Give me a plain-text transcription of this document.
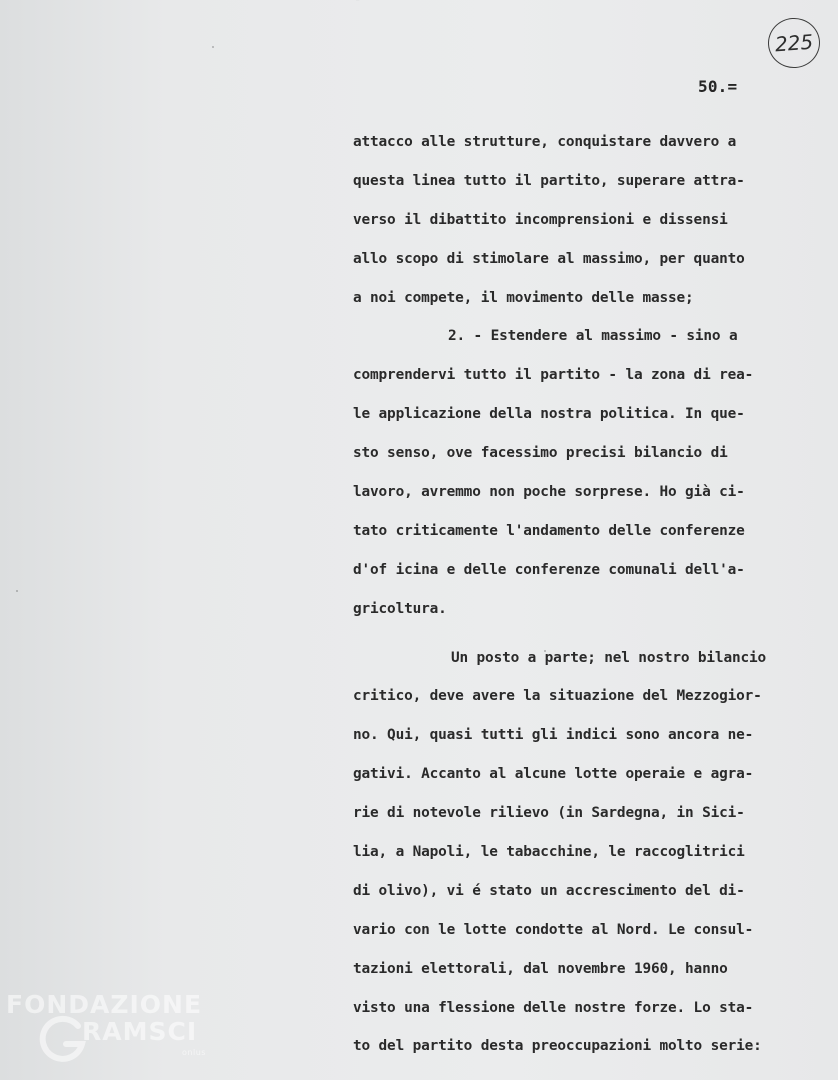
225
50.=
attacco alle strutture, conquistare davvero a
questa linea tutto il partito, superare attra-
verso il dibattito incomprensioni e dissensi
allo scopo di stimolare al massimo, per quanto
a noi compete, il movimento delle masse;
2. - Estendere al massimo - sino a
comprendervi tutto il partito - la zona di rea-
le applicazione della nostra politica. In que-
sto senso, ove facessimo precisi bilancio di
lavoro, avremmo non poche sorprese. Ho già ci-
tato criticamente l'andamento delle conferenze
d'of icina e delle conferenze comunali dell'a-
gricoltura.
Un posto a parte; nel nostro bilancio
critico, deve avere la situazione del Mezzogior-
no. Qui, quasi tutti gli indici sono ancora ne-
gativi. Accanto al alcune lotte operaie e agra-
rie di notevole rilievo (in Sardegna, in Sici-
lia, a Napoli, le tabacchine, le raccoglitrici
di olivo), vi é stato un accrescimento del di-
vario con le lotte condotte al Nord. Le consul-
tazioni elettorali, dal novembre 1960, hanno
visto una flessione delle nostre forze. Lo sta-
to del partito desta preoccupazioni molto serie:
FONDAZIONE
RAMSCI
onlus
